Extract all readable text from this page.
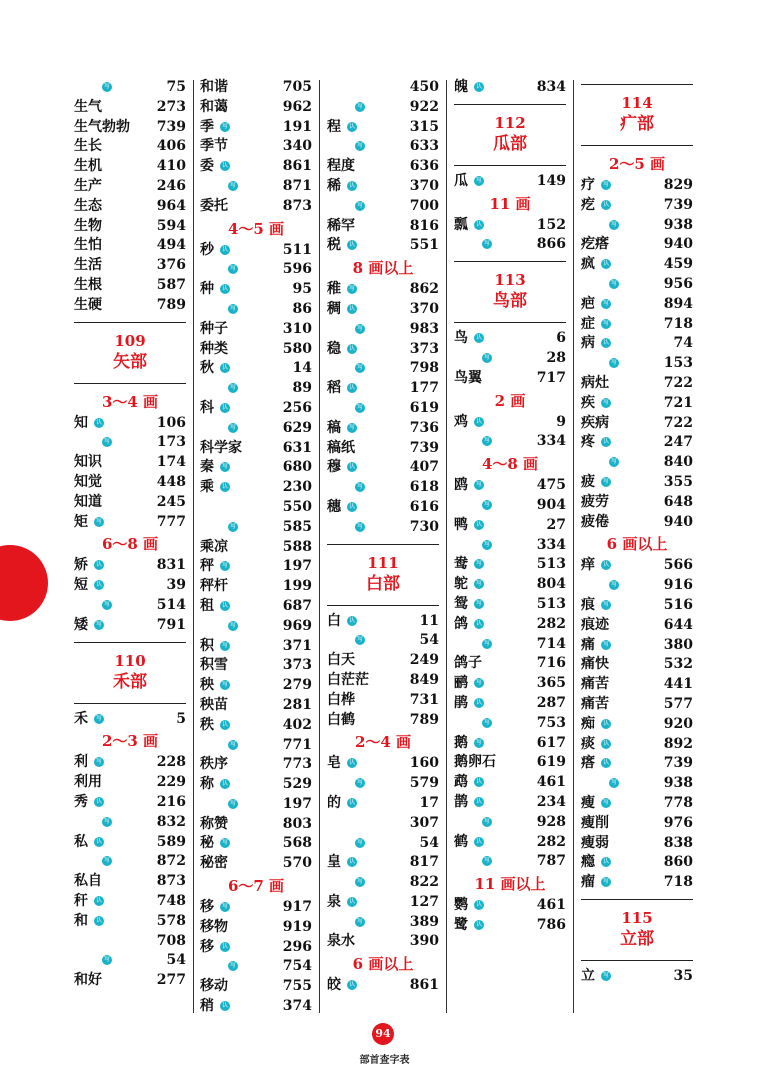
写	75
生气	273
生气勃勃 739
生长	406
生机	410
生产	246
生态	964
生物	594
生怕	494
生活	376
生根	587
生硬	789
109
矢部
3～4 画
知 认	106
写	173
知识	174
知觉	448
知道	245
矩 写	777
6～8 画
矫 认	831
短 认	39
写	514
矮 写	791
110
禾部
禾 写	5
2～3 画
利 写	228
利用	229
秀 认	216
写	832
私 认	589
写	872
私自	873
秆 认	748
和 认	578
708
写	54
和好	277
和谐	705
和蔼	962
季 写	191
季节	340
委 认	861
写	871
委托	873
4～5 画
秒 认	511
写	596
种 认	95
写	86
种子	310
种类	580
秋 认	14
写	89
科 认	256
写	629
科学家	631
秦 写	680
乘 认	230
550
写	585
乘凉	588
秤 写	197
秤杆	199
租 认	687
写	969
积 写	371
积雪	373
秧 写	279
秧苗	281
秩 认	402
写	771
秩序	773
称 认	529
写	197
称赞	803
秘 写	568
秘密	570
6～7 画
移 写	917
移物	919
移 认	296
写	754
移动	755
稍 认	374
450
写	922
程 认	315
写	633
程度	636
稀 认	370
写	700
稀罕	816
税 认	551
8 画以上
稚 写	862
稠 认	370
写	983
稳 认	373
写	798
稻 认	177
写	619
稿 写	736
稿纸	739
穆 认	407
写	618
穗 认	616
写	730
111
白部
白 认	11
写	54
白天	249
白茫茫	849
白桦	731
白鹤	789
2～4 画
皂 认	160
写	579
的 认	17
307
写	54
皇 认	817
写	822
泉 认	127
写	389
泉水	390
6 画以上
皎 认	861
魄 认	834
112
瓜部
瓜 写	149
11 画
瓢 认	152
写	866
113
鸟部
鸟 认	6
写	28
鸟翼	717
2 画
鸡 认	9
写	334
4～8 画
鸥 写	475
写	904
鸭 认	27
写	334
鸯 写	513
鸵 写	804
鸳 写	513
鸽 认	282
写	714
鸽子	716
鹂 写	365
鹃 认	287
写	753
鹅 写	617
鹅卵石	619
鹉 认	461
鹊 认	234
写	928
鹤 认	282
写	787
11 画以上
鹦 认	461
鹭 认	786
114
疒部
2～5 画
疗 写	829
疙 认	739
写	938
疙瘩	940
疯 认	459
写	956
疤 写	894
症 写	718
病 认	74
写	153
病灶	722
疾 写	721
疾病	722
疼 认	247
写	840
疲 写	355
疲劳	648
疲倦	940
6 画以上
痒 认	566
写	916
痕 写	516
痕迹	644
痛 写	380
痛快	532
痛苦	441
痛苦	577
痴 认	920
痰 认	892
瘩 认	739
写	938
瘦 写	778
瘦削	976
瘦弱	838
瘾 认	860
瘤 写	718
115
立部
立 写	35
94
部首查字表
